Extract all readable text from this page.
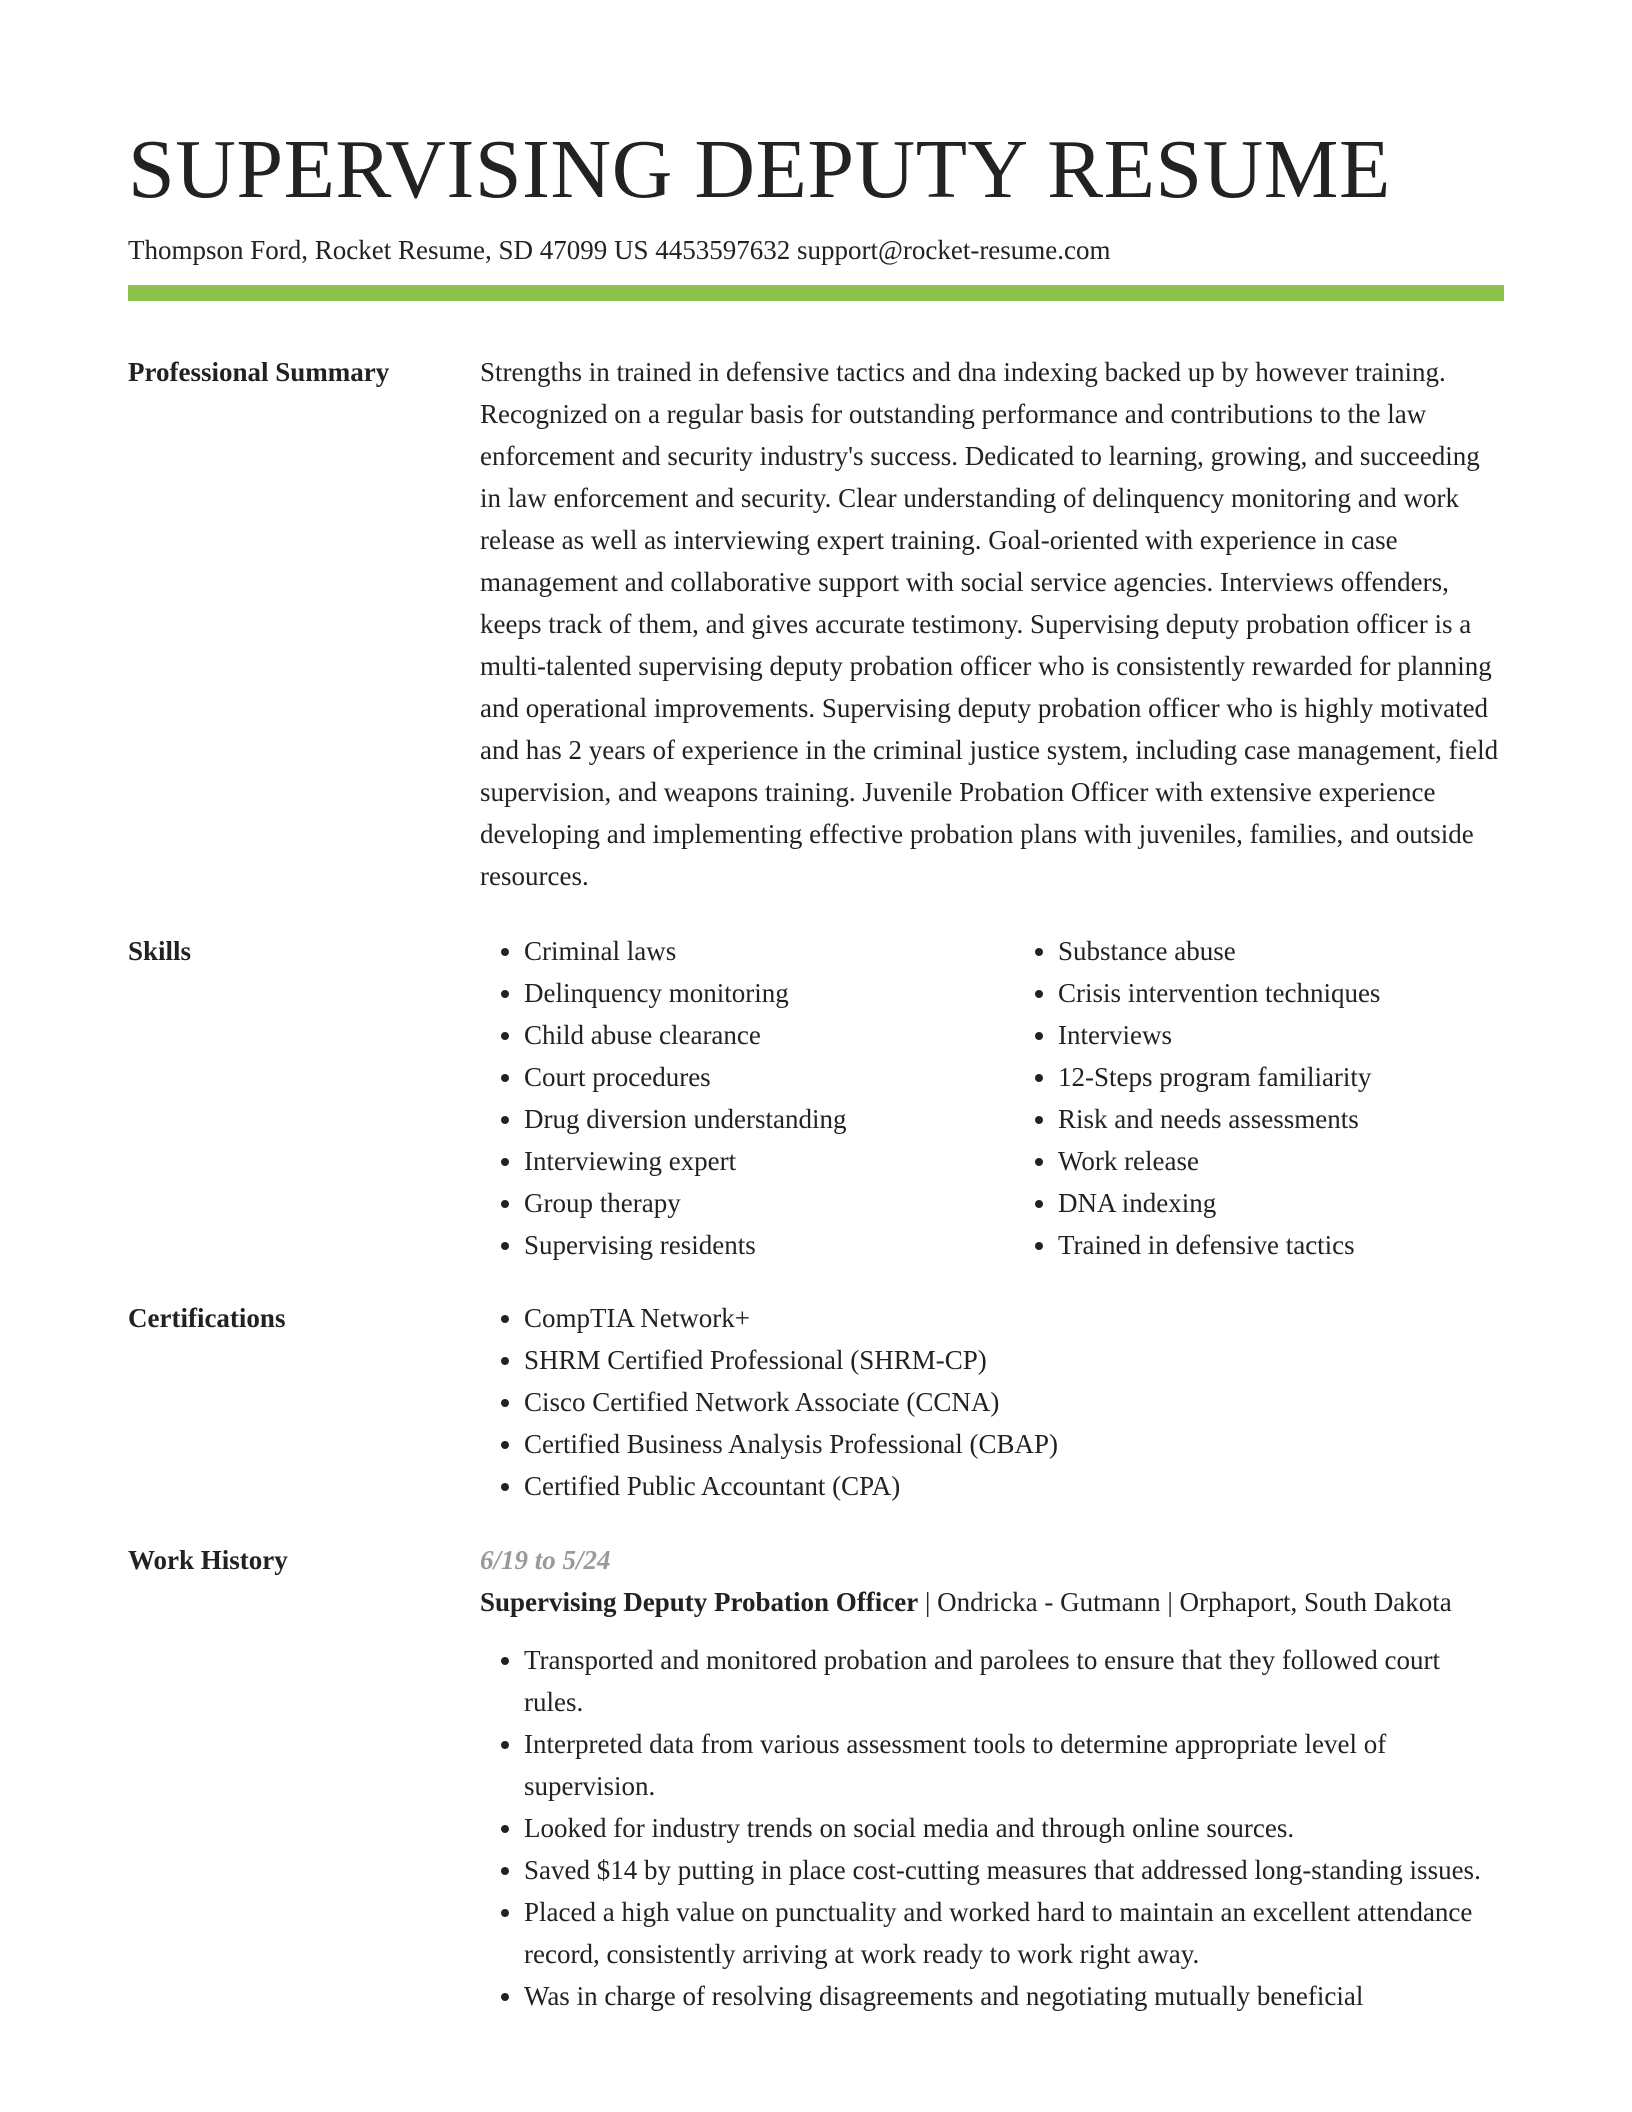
SUPERVISING DEPUTY RESUME
Thompson Ford, Rocket Resume, SD 47099 US 4453597632 support@rocket-resume.com
Professional Summary	Strengths in trained in defensive tactics and dna indexing backed up by however training. Recognized on a regular basis for outstanding performance and contributions to the law enforcement and security industry's success. Dedicated to learning, growing, and succeeding in law enforcement and security. Clear understanding of delinquency monitoring and work release as well as interviewing expert training. Goal-oriented with experience in case management and collaborative support with social service agencies. Interviews offenders, keeps track of them, and gives accurate testimony. Supervising deputy probation officer is a multi-talented supervising deputy probation officer who is consistently rewarded for planning and operational improvements. Supervising deputy probation officer who is highly motivated and has 2 years of experience in the criminal justice system, including case management, field supervision, and weapons training. Juvenile Probation Officer with extensive experience developing and implementing effective probation plans with juveniles, families, and outside resources.

Skills	• Criminal laws
• Delinquency monitoring
• Child abuse clearance
• Court procedures
• Drug diversion understanding
• Interviewing expert
• Group therapy
• Supervising residents
• Substance abuse
• Crisis intervention techniques
• Interviews
• 12-Steps program familiarity
• Risk and needs assessments
• Work release
• DNA indexing
• Trained in defensive tactics
Certifications	• CompTIA Network+
• SHRM Certified Professional (SHRM-CP)
• Cisco Certified Network Associate (CCNA)
• Certified Business Analysis Professional (CBAP)
• Certified Public Accountant (CPA)
Work History	6/19 to 5/24

Supervising Deputy Probation Officer | Ondricka - Gutmann | Orphaport, South Dakota

• Transported and monitored probation and parolees to ensure that they followed court rules.
• Interpreted data from various assessment tools to determine appropriate level of supervision.
• Looked for industry trends on social media and through online sources.
• Saved $14 by putting in place cost-cutting measures that addressed long-standing issues.
• Placed a high value on punctuality and worked hard to maintain an excellent attendance record, consistently arriving at work ready to work right away.
• Was in charge of resolving disagreements and negotiating mutually beneficial
